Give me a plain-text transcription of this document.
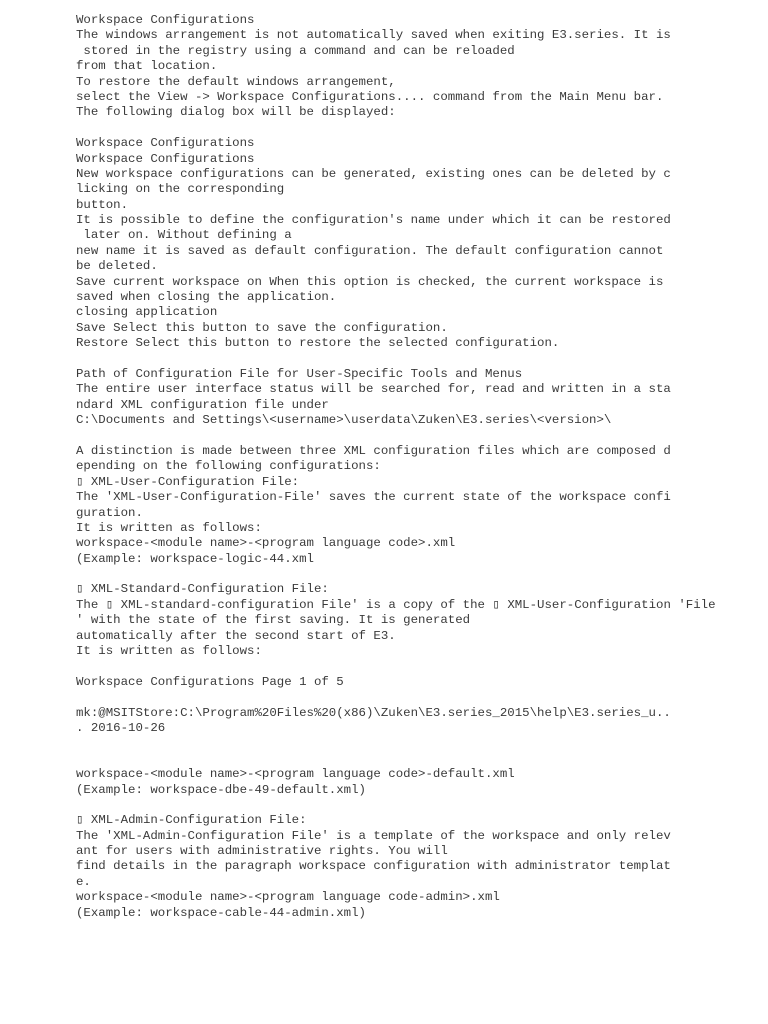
Workspace Configurations
The windows arrangement is not automatically saved when exiting E3.series. It is
stored in the registry using a command and can be reloaded
from that location.
To restore the default windows arrangement,
select the View -> Workspace Configurations.... command from the Main Menu bar.
The following dialog box will be displayed:
Workspace Configurations
Workspace Configurations
New workspace configurations can be generated, existing ones can be deleted by c
licking on the corresponding
button.
It is possible to define the configuration's name under which it can be restored
later on. Without defining a
new name it is saved as default configuration. The default configuration cannot
be deleted.
Save current workspace on When this option is checked, the current workspace is
saved when closing the application.
closing application
Save Select this button to save the configuration.
Restore Select this button to restore the selected configuration.
Path of Configuration File for User-Specific Tools and Menus
The entire user interface status will be searched for, read and written in a sta
ndard XML configuration file under
C:\Documents and Settings\<username>\userdata\Zuken\E3.series\<version>\
A distinction is made between three XML configuration files which are composed d
epending on the following configurations:
▯ XML-User-Configuration File:
The 'XML-User-Configuration-File' saves the current state of the workspace confi
guration.
It is written as follows:
workspace-<module name>-<program language code>.xml
(Example: workspace-logic-44.xml
▯ XML-Standard-Configuration File:
The ▯ XML-standard-configuration File' is a copy of the ▯ XML-User-Configuration 'File
' with the state of the first saving. It is generated
automatically after the second start of E3.
It is written as follows:
Workspace Configurations Page 1 of 5
mk:@MSITStore:C:\Program%20Files%20(x86)\Zuken\E3.series_2015\help\E3.series_u..
. 2016-10-26
workspace-<module name>-<program language code>-default.xml
(Example: workspace-dbe-49-default.xml)
▯ XML-Admin-Configuration File:
The 'XML-Admin-Configuration File' is a template of the workspace and only relev
ant for users with administrative rights. You will
find details in the paragraph workspace configuration with administrator templat
e.
workspace-<module name>-<program language code-admin>.xml
(Example: workspace-cable-44-admin.xml)
